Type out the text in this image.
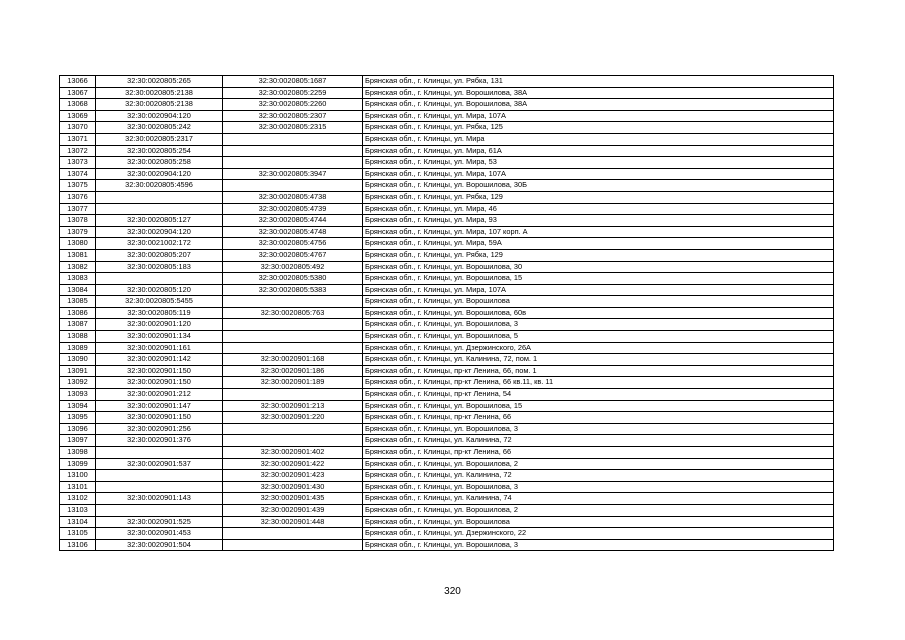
13066	32:30:0020805:265	32:30:0020805:1687	Брянская обл., г. Клинцы, ул. Рябка, 131
13067	32:30:0020805:2138	32:30:0020805:2259	Брянская обл., г. Клинцы, ул. Ворошилова, 38А
13068	32:30:0020805:2138	32:30:0020805:2260	Брянская обл., г. Клинцы, ул. Ворошилова, 38А
13069	32:30:0020904:120	32:30:0020805:2307	Брянская обл., г. Клинцы, ул. Мира, 107А
13070	32:30:0020805:242	32:30:0020805:2315	Брянская обл., г. Клинцы, ул. Рябка, 125
13071	32:30:0020805:2317		Брянская обл., г. Клинцы, ул. Мира
13072	32:30:0020805:254		Брянская обл., г. Клинцы, ул. Мира, 61А
13073	32:30:0020805:258		Брянская обл., г. Клинцы, ул. Мира, 53
13074	32:30:0020904:120	32:30:0020805:3947	Брянская обл., г. Клинцы, ул. Мира, 107А
13075	32:30:0020805:4596		Брянская обл., г. Клинцы, ул. Ворошилова, 30Б
13076		32:30:0020805:4738	Брянская обл., г. Клинцы, ул. Рябка, 129
13077		32:30:0020805:4739	Брянская обл., г. Клинцы, ул. Мира, 46
13078	32:30:0020805:127	32:30:0020805:4744	Брянская обл., г. Клинцы, ул. Мира, 93
13079	32:30:0020904:120	32:30:0020805:4748	Брянская обл., г. Клинцы, ул. Мира, 107 корп. А
13080	32:30:0021002:172	32:30:0020805:4756	Брянская обл., г. Клинцы, ул. Мира, 59А
13081	32:30:0020805:207	32:30:0020805:4767	Брянская обл., г. Клинцы, ул. Рябка, 129
13082	32:30:0020805:183	32:30:0020805:492	Брянская обл., г. Клинцы, ул. Ворошилова, 30
13083		32:30:0020805:5380	Брянская обл., г. Клинцы, ул. Ворошилова, 15
13084	32:30:0020805:120	32:30:0020805:5383	Брянская обл., г. Клинцы, ул. Мира, 107А
13085	32:30:0020805:5455		Брянская обл., г. Клинцы, ул. Ворошилова
13086	32:30:0020805:119	32:30:0020805:763	Брянская обл., г. Клинцы, ул. Ворошилова, 60в
13087	32:30:0020901:120		Брянская обл., г. Клинцы, ул. Ворошилова, 3
13088	32:30:0020901:134		Брянская обл., г. Клинцы, ул. Ворошилова, 5
13089	32:30:0020901:161		Брянская обл., г. Клинцы, ул. Дзержинского, 26А
13090	32:30:0020901:142	32:30:0020901:168	Брянская обл., г. Клинцы, ул. Калинина, 72, пом. 1
13091	32:30:0020901:150	32:30:0020901:186	Брянская обл., г. Клинцы, пр-кт Ленина, 66, пом. 1
13092	32:30:0020901:150	32:30:0020901:189	Брянская обл., г. Клинцы, пр-кт Ленина, 66 кв.11, кв. 11
13093	32:30:0020901:212		Брянская обл., г. Клинцы, пр-кт Ленина, 54
13094	32:30:0020901:147	32:30:0020901:213	Брянская обл., г. Клинцы, ул. Ворошилова, 15
13095	32:30:0020901:150	32:30:0020901:220	Брянская обл., г. Клинцы, пр-кт Ленина, 66
13096	32:30:0020901:256		Брянская обл., г. Клинцы, ул. Ворошилова, 3
13097	32:30:0020901:376		Брянская обл., г. Клинцы, ул. Калинина, 72
13098		32:30:0020901:402	Брянская обл., г. Клинцы, пр-кт Ленина, 66
13099	32:30:0020901:537	32:30:0020901:422	Брянская обл., г. Клинцы, ул. Ворошилова, 2
13100		32:30:0020901:423	Брянская обл., г. Клинцы, ул. Калинина, 72
13101		32:30:0020901:430	Брянская обл., г. Клинцы, ул. Ворошилова, 3
13102	32:30:0020901:143	32:30:0020901:435	Брянская обл., г. Клинцы, ул. Калинина, 74
13103		32:30:0020901:439	Брянская обл., г. Клинцы, ул. Ворошилова, 2
13104	32:30:0020901:525	32:30:0020901:448	Брянская обл., г. Клинцы, ул. Ворошилова
13105	32:30:0020901:453		Брянская обл., г. Клинцы, ул. Дзержинского, 22
13106	32:30:0020901:504		Брянская обл., г. Клинцы, ул. Ворошилова, 3
320
